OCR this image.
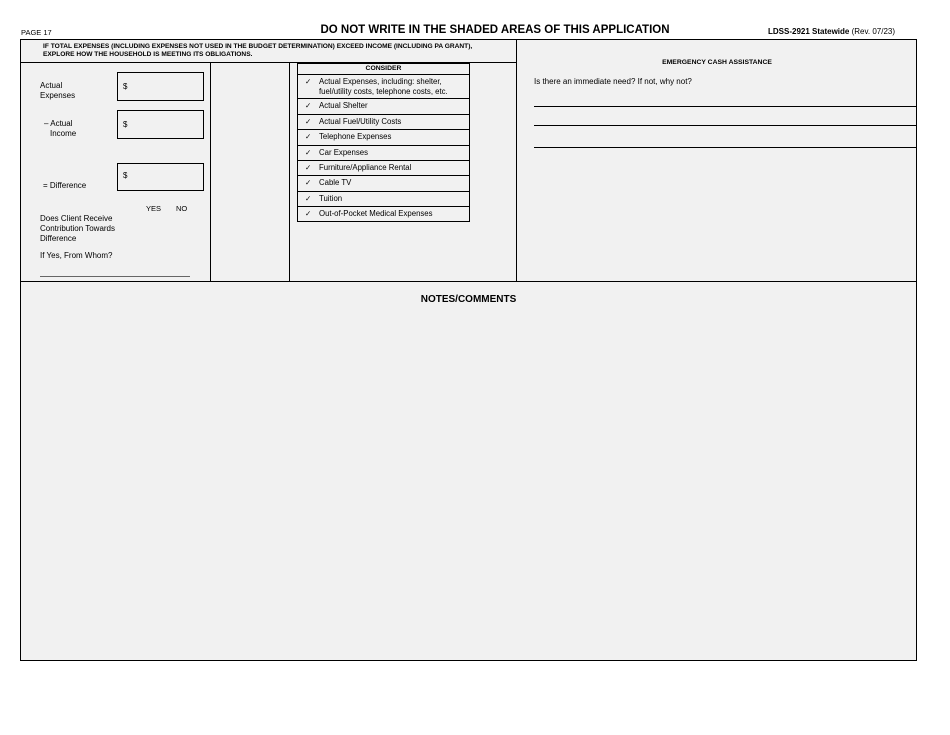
PAGE 17	DO NOT WRITE IN THE SHADED AREAS OF THIS APPLICATION	LDSS-2921 Statewide (Rev. 07/23)
IF TOTAL EXPENSES (INCLUDING EXPENSES NOT USED IN THE BUDGET DETERMINATION) EXCEED INCOME (INCLUDING PA GRANT), EXPLORE HOW THE HOUSEHOLD IS MEETING ITS OBLIGATIONS.
Actual
Expenses
$
– Actual
Income
$
= Difference
$
YES NO
Does Client Receive
Contribution Towards
Difference
If Yes, From Whom?
CONSIDER
✓ Actual Expenses, including: shelter, fuel/utility costs, telephone costs, etc.
✓ Actual Shelter
✓ Actual Fuel/Utility Costs
✓ Telephone Expenses
✓ Car Expenses
✓ Furniture/Appliance Rental
✓ Cable TV
✓ Tuition
✓ Out-of-Pocket Medical Expenses
EMERGENCY CASH ASSISTANCE
Is there an immediate need? If not, why not?
NOTES/COMMENTS
